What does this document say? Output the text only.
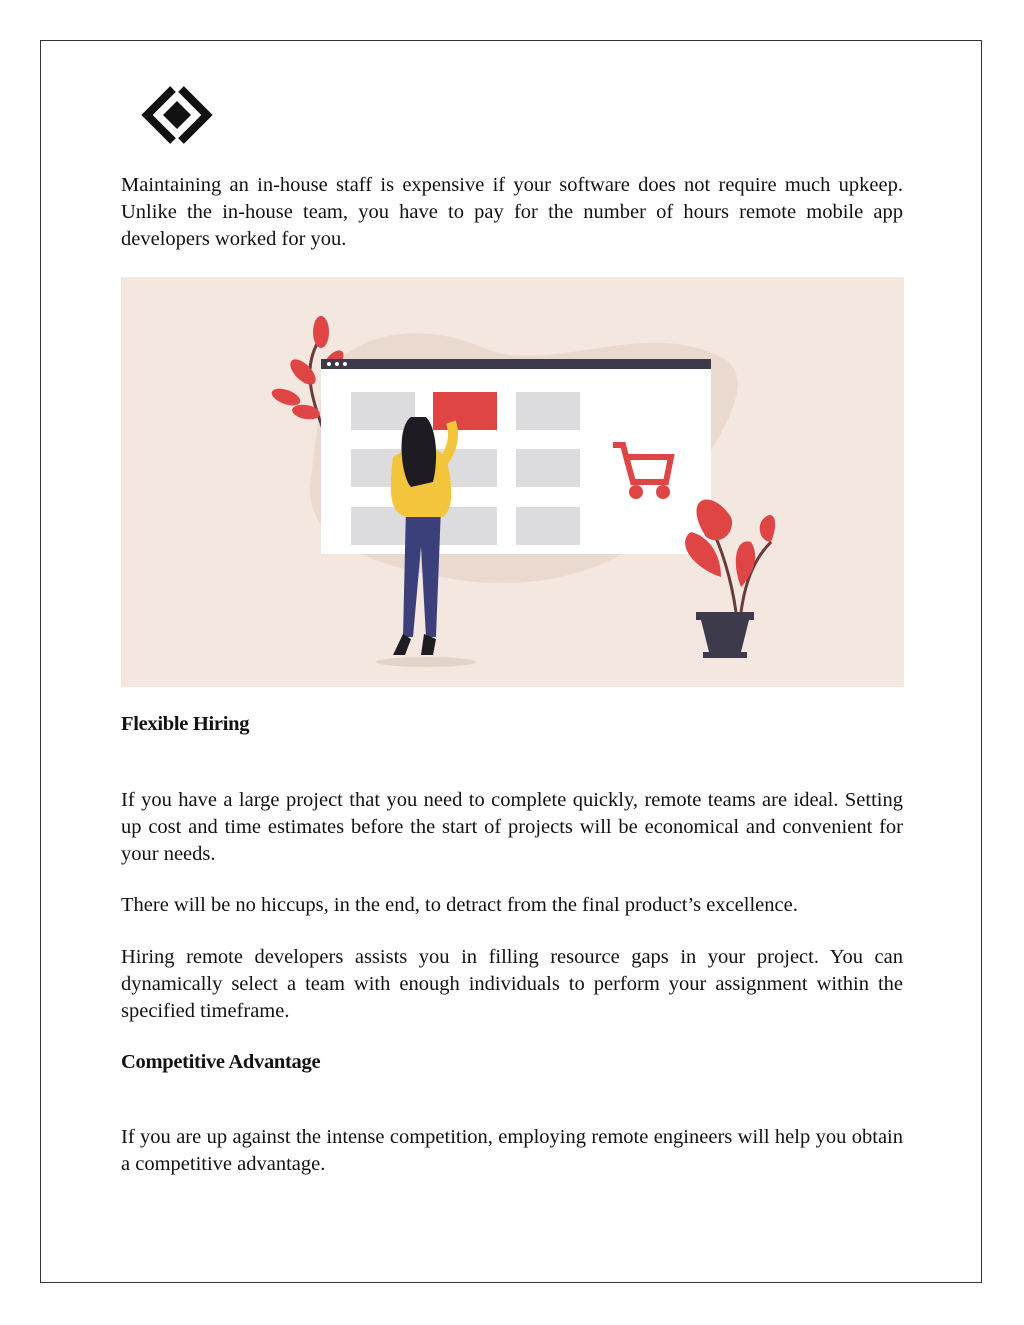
Maintaining an in-house staff is expensive if your software does not require much upkeep. Unlike the in-house team, you have to pay for the number of hours remote mobile app developers worked for you.

Flexible Hiring

If you have a large project that you need to complete quickly, remote teams are ideal. Setting up cost and time estimates before the start of projects will be economical and convenient for your needs.

There will be no hiccups, in the end, to detract from the final product’s excellence.

Hiring remote developers assists you in filling resource gaps in your project. You can dynamically select a team with enough individuals to perform your assignment within the specified timeframe.

Competitive Advantage

If you are up against the intense competition, employing remote engineers will help you obtain a competitive advantage.
